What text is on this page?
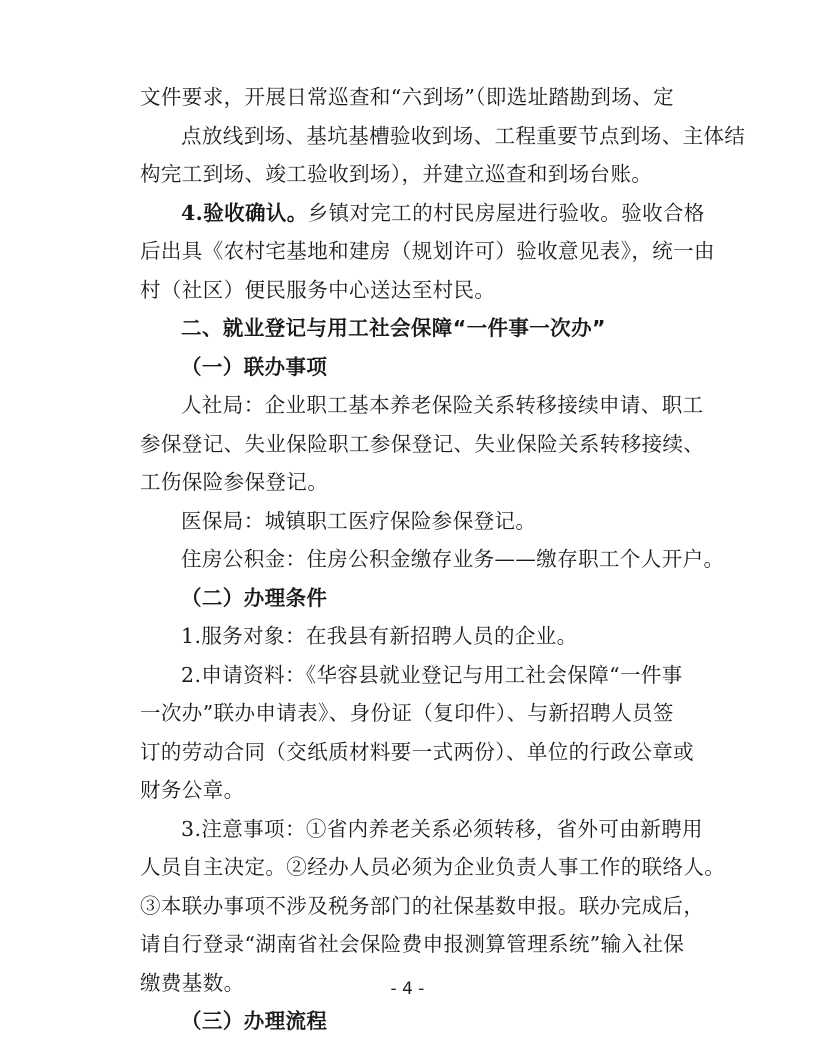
文件要求，开展日常巡查和“六到场”（即选址踏勘到场、定
点放线到场、基坑基槽验收到场、工程重要节点到场、主体结
构完工到场、竣工验收到场），并建立巡查和到场台账。
4.验收确认。乡镇对完工的村民房屋进行验收。验收合格
后出具《农村宅基地和建房（规划许可）验收意见表》，统一由
村（社区）便民服务中心送达至村民。
二、就业登记与用工社会保障“一件事一次办”
（一）联办事项
人社局：企业职工基本养老保险关系转移接续申请、职工
参保登记、失业保险职工参保登记、失业保险关系转移接续、
工伤保险参保登记。
医保局：城镇职工医疗保险参保登记。
住房公积金：住房公积金缴存业务——缴存职工个人开户。
（二）办理条件
1.服务对象：在我县有新招聘人员的企业。
2.申请资料：《华容县就业登记与用工社会保障“一件事
一次办”联办申请表》、身份证（复印件）、与新招聘人员签
订的劳动合同（交纸质材料要一式两份）、单位的行政公章或
财务公章。
3.注意事项：①省内养老关系必须转移，省外可由新聘用
人员自主决定。②经办人员必须为企业负责人事工作的联络人。
③本联办事项不涉及税务部门的社保基数申报。联办完成后，
请自行登录“湖南省社会保险费申报测算管理系统”输入社保
缴费基数。
（三）办理流程
- 4 -
